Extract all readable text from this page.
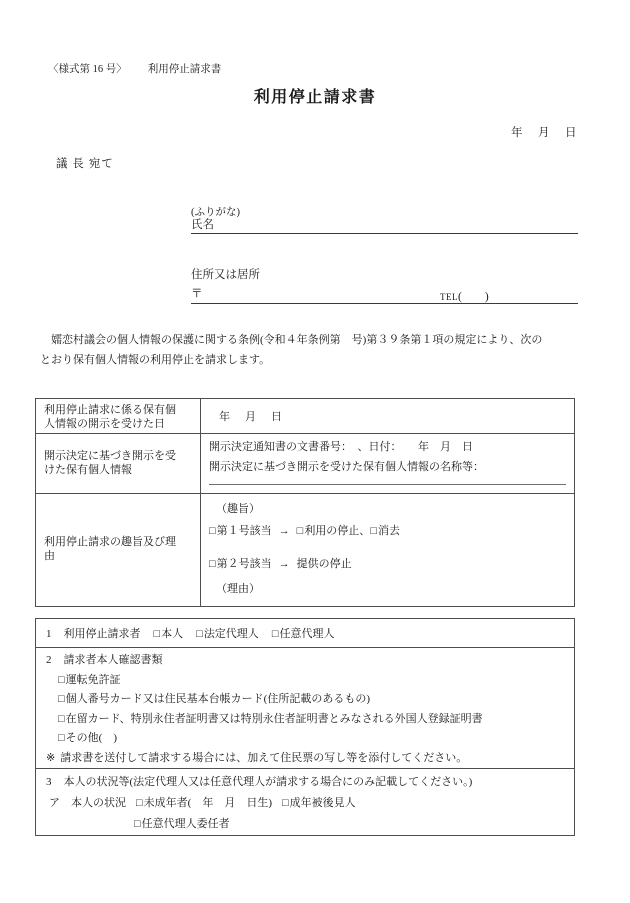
〈様式第 16 号〉 利用停止請求書
利用停止請求書
年　月　日
議 長 宛て
(ふりがな)
氏名
住所又は居所
〒	TEL(　　)
　嬬恋村議会の個人情報の保護に関する条例(令和４年条例第　号)第３９条第１項の規定により、次の
とおり保有個人情報の利用停止を請求します。
利用停止請求に係る保有個人情報の開示を受けた日	年　月　日
開示決定に基づき開示を受けた保有個人情報	開示決定通知書の文書番号：　、日付：　　年　月　日
開示決定に基づき開示を受けた保有個人情報の名称等：

利用停止請求の趣旨及び理由	（趣旨）
□第１号該当 → □利用の停止、□消去
□第２号該当 → 提供の停止
（理由）
1 利用停止請求者 □本人 □法定代理人 □任意代理人

2 請求者本人確認書類
□運転免許証
□個人番号カード又は住民基本台帳カード(住所記載のあるもの)
□在留カード、特別永住者証明書又は特別永住者証明書とみなされる外国人登録証明書
□その他(　)
※ 請求書を送付して請求する場合には、加えて住民票の写し等を添付してください。

3 本人の状況等(法定代理人又は任意代理人が請求する場合にのみ記載してください。)
ア　本人の状況 □未成年者(　年　月　日生) □成年被後見人
□任意代理人委任者
